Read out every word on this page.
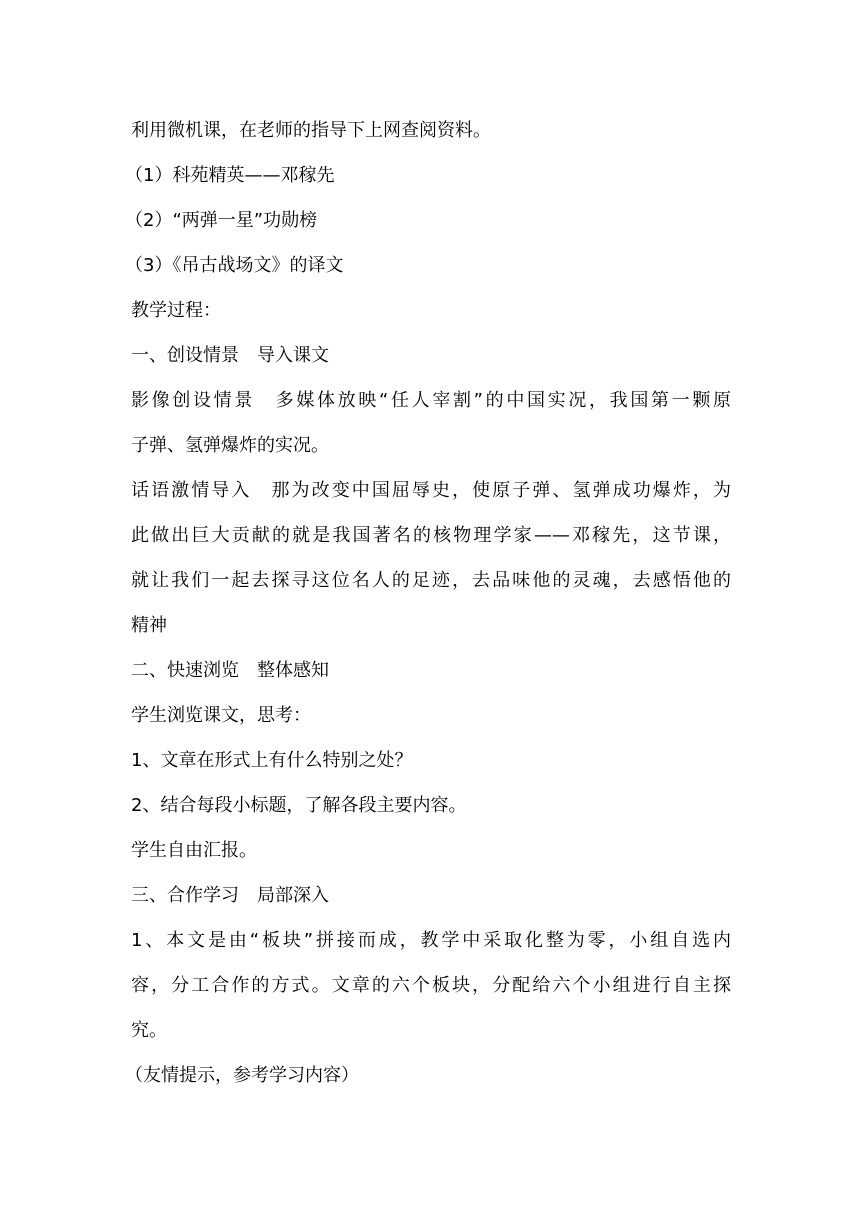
利用微机课，在老师的指导下上网查阅资料。
（1）科苑精英——邓稼先
（2）“两弹一星”功勋榜
（3）《吊古战场文》的译文
教学过程：
一、创设情景　导入课文
影像创设情景　多媒体放映“任人宰割”的中国实况，我国第一颗原
子弹、氢弹爆炸的实况。
话语激情导入　那为改变中国屈辱史，使原子弹、氢弹成功爆炸，为
此做出巨大贡献的就是我国著名的核物理学家——邓稼先，这节课，
就让我们一起去探寻这位名人的足迹，去品味他的灵魂，去感悟他的
精神
二、快速浏览　整体感知
学生浏览课文，思考：
1、文章在形式上有什么特别之处？
2、结合每段小标题，了解各段主要内容。
学生自由汇报。
三、合作学习　局部深入
1、本文是由“板块”拼接而成，教学中采取化整为零，小组自选内
容，分工合作的方式。文章的六个板块，分配给六个小组进行自主探
究。
（友情提示，参考学习内容）
